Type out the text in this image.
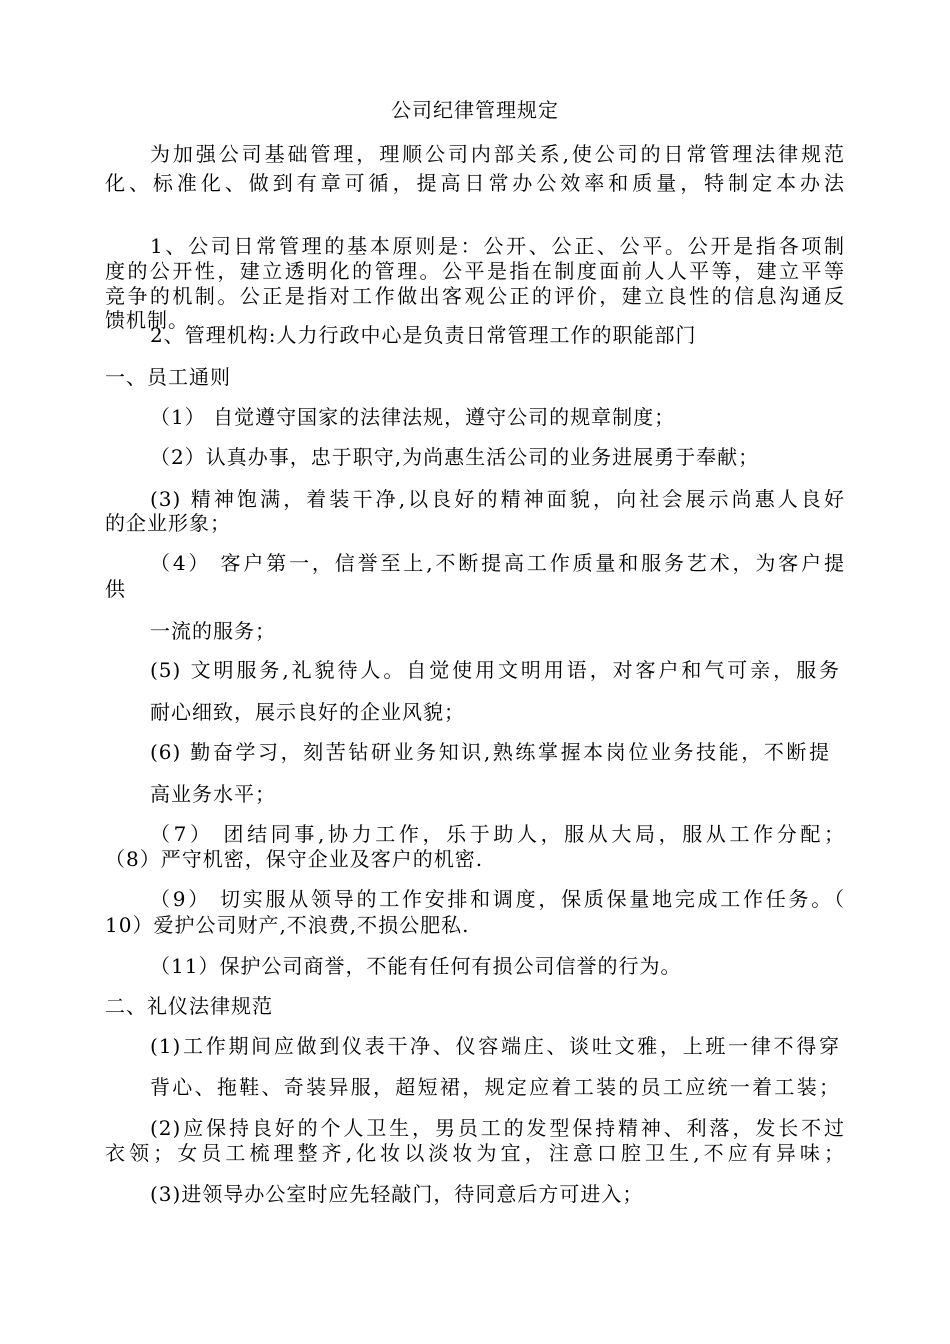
公司纪律管理规定
为加强公司基础管理，理顺公司内部关系,使公司的日常管理法律规范
化、标准化、做到有章可循，提高日常办公效率和质量，特制定本办法
1、公司日常管理的基本原则是：公开、公正、公平。公开是指各项制
度的公开性，建立透明化的管理。公平是指在制度面前人人平等，建立平等
竞争的机制。公正是指对工作做出客观公正的评价，建立良性的信息沟通反
馈机制。
2、管理机构:人力行政中心是负责日常管理工作的职能部门
一、员工通则
（1） 自觉遵守国家的法律法规，遵守公司的规章制度；
（2）认真办事，忠于职守,为尚惠生活公司的业务进展勇于奉献；
(3) 精神饱满，着装干净,以良好的精神面貌，向社会展示尚惠人良好
的企业形象；
（4） 客户第一，信誉至上,不断提高工作质量和服务艺术，为客户提
供
一流的服务；
(5) 文明服务,礼貌待人。自觉使用文明用语，对客户和气可亲，服务
耐心细致，展示良好的企业风貌；
(6) 勤奋学习，刻苦钻研业务知识,熟练掌握本岗位业务技能，不断提
高业务水平；
（7） 团结同事,协力工作，乐于助人，服从大局，服从工作分配；
（8）严守机密，保守企业及客户的机密.
（9） 切实服从领导的工作安排和调度，保质保量地完成工作任务。（
10）爱护公司财产,不浪费,不损公肥私.
（11）保护公司商誉，不能有任何有损公司信誉的行为。
二、礼仪法律规范
(1)工作期间应做到仪表干净、仪容端庄、谈吐文雅，上班一律不得穿
背心、拖鞋、奇装异服，超短裙，规定应着工装的员工应统一着工装；
(2)应保持良好的个人卫生，男员工的发型保持精神、利落，发长不过
衣领；女员工梳理整齐,化妆以淡妆为宜，注意口腔卫生,不应有异味；
(3)进领导办公室时应先轻敲门，待同意后方可进入；
